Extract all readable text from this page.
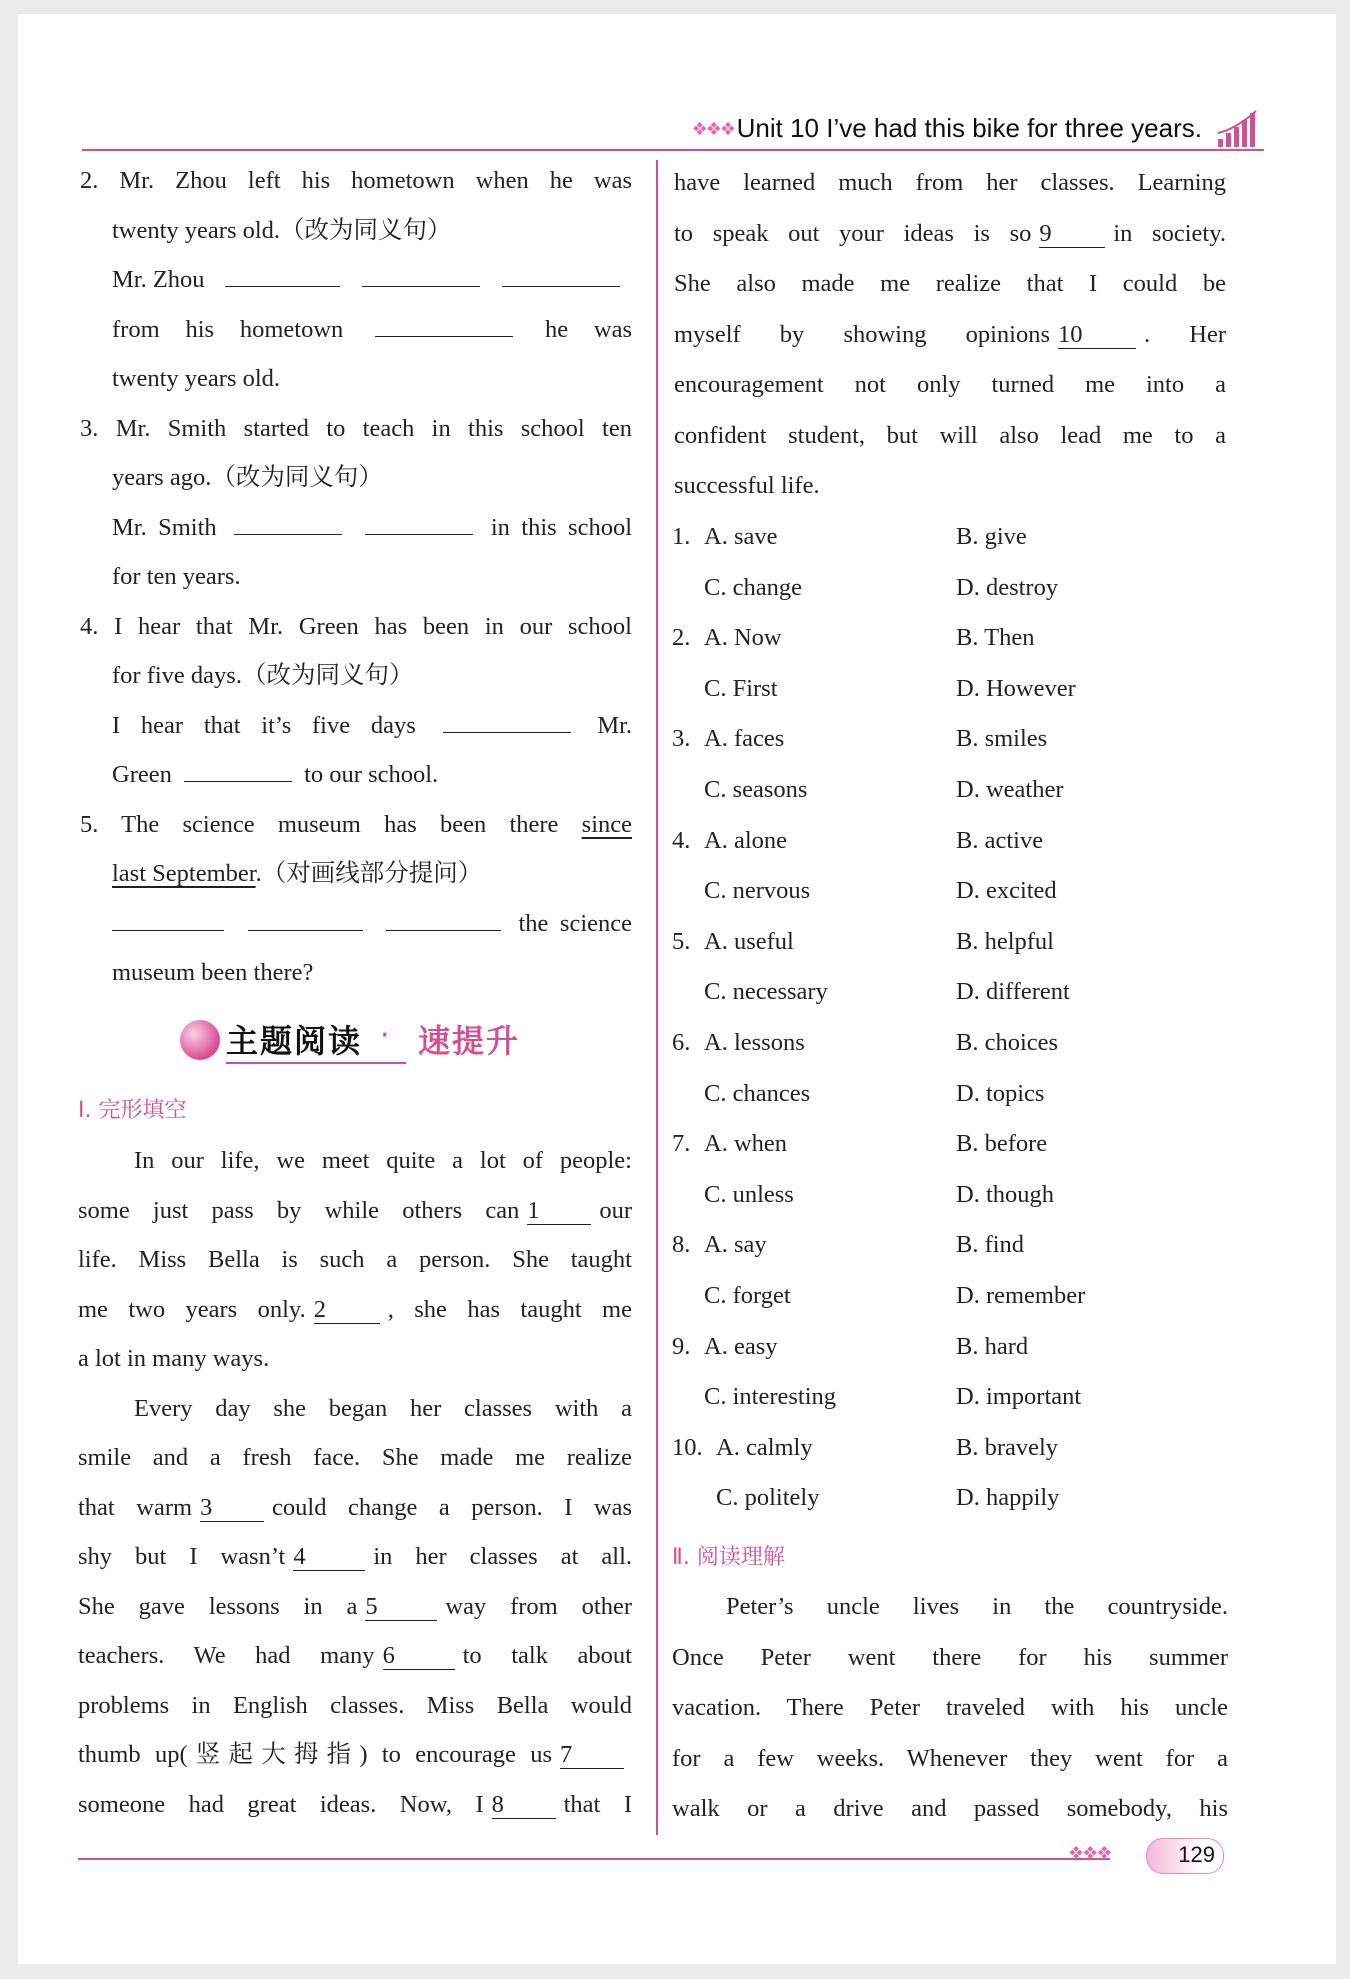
❖❖❖ Unit 10 I’ve had this bike for three years.

2. Mr. Zhou left his hometown when he was

twenty years old.（改为同义句）

Mr. Zhou

from his hometown	he was

twenty years old.

3. Mr. Smith started to teach in this school ten

years ago.（改为同义句）

Mr. Smith	in this school

for ten years.

4. I hear that Mr. Green has been in our school

for five days.（改为同义句）

I hear that it’s five days	Mr.

Green	to our school.

5. The science museum has been there since

last September.（对画线部分提问）

the science

museum been there?

主题阅读 · 速提升

Ⅰ. 完形填空

In our life, we meet quite a lot of people:

some just pass by while others can 1 our

life. Miss Bella is such a person. She taught

me two years only. 2	, she has taught me

a lot in many ways.

Every day she began her classes with a

smile and a fresh face. She made me realize

that warm 3 could change a person. I was

shy but I wasn’t 4	in her classes at all.

She gave lessons in a 5	way from other

teachers. We had many 6	to talk about

problems in English classes. Miss Bella would

thumb up(竖起大拇指) to encourage us 7

someone had great ideas. Now, I 8 that I

have learned much from her classes. Learning

to speak out your ideas is so 9	in society.

She also made me realize that I could be

myself by showing opinions 10	. Her

encouragement not only turned me into a

confident student, but will also lead me to a

successful life.

1. A. save	B. give
C. change	D. destroy
2. A. Now	B. Then
C. First	D. However
3. A. faces	B. smiles
C. seasons	D. weather
4. A. alone	B. active
C. nervous	D. excited
5. A. useful	B. helpful
C. necessary	D. different
6. A. lessons	B. choices
C. chances	D. topics
7. A. when	B. before
C. unless	D. though
8. A. say	B. find
C. forget	D. remember
9. A. easy	B. hard
C. interesting	D. important
10. A. calmly	B. bravely
C. politely	D. happily

Ⅱ. 阅读理解

Peter’s uncle lives in the countryside.

Once Peter went there for his summer

vacation. There Peter traveled with his uncle

for a few weeks. Whenever they went for a

walk or a drive and passed somebody, his

❖❖❖	129
